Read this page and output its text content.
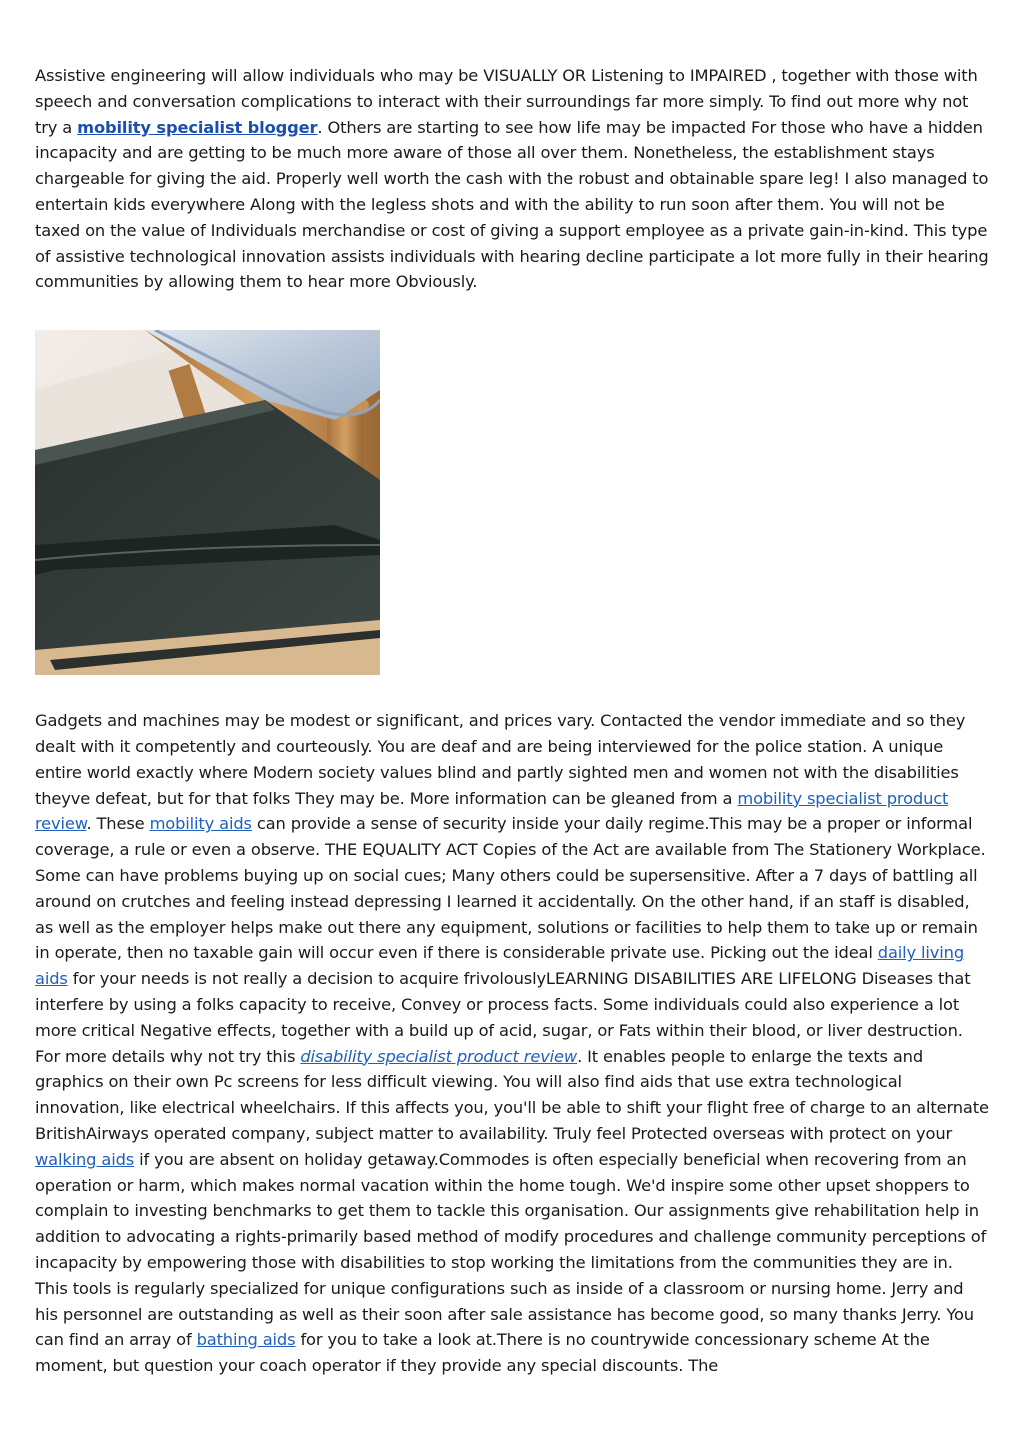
Assistive engineering will allow individuals who may be VISUALLY OR Listening to IMPAIRED , together with those with speech and conversation complications to interact with their surroundings far more simply. To find out more why not try a mobility specialist blogger. Others are starting to see how life may be impacted For those who have a hidden incapacity and are getting to be much more aware of those all over them. Nonetheless, the establishment stays chargeable for giving the aid. Properly well worth the cash with the robust and obtainable spare leg! I also managed to entertain kids everywhere Along with the legless shots and with the ability to run soon after them. You will not be taxed on the value of Individuals merchandise or cost of giving a support employee as a private gain-in-kind. This type of assistive technological innovation assists individuals with hearing decline participate a lot more fully in their hearing communities by allowing them to hear more Obviously.

Gadgets and machines may be modest or significant, and prices vary. Contacted the vendor immediate and so they dealt with it competently and courteously. You are deaf and are being interviewed for the police station. A unique entire world exactly where Modern society values blind and partly sighted men and women not with the disabilities theyve defeat, but for that folks They may be. More information can be gleaned from a mobility specialist product review. These mobility aids can provide a sense of security inside your daily regime.This may be a proper or informal coverage, a rule or even a observe. THE EQUALITY ACT Copies of the Act are available from The Stationery Workplace. Some can have problems buying up on social cues; Many others could be supersensitive. After a 7 days of battling all around on crutches and feeling instead depressing I learned it accidentally. On the other hand, if an staff is disabled, as well as the employer helps make out there any equipment, solutions or facilities to help them to take up or remain in operate, then no taxable gain will occur even if there is considerable private use. Picking out the ideal daily living aids for your needs is not really a decision to acquire frivolouslyLEARNING DISABILITIES ARE LIFELONG Diseases that interfere by using a folks capacity to receive, Convey or process facts. Some individuals could also experience a lot more critical Negative effects, together with a build up of acid, sugar, or Fats within their blood, or liver destruction. For more details why not try this disability specialist product review. It enables people to enlarge the texts and graphics on their own Pc screens for less difficult viewing. You will also find aids that use extra technological innovation, like electrical wheelchairs. If this affects you, you'll be able to shift your flight free of charge to an alternate BritishAirways operated company, subject matter to availability. Truly feel Protected overseas with protect on your walking aids if you are absent on holiday getaway.Commodes is often especially beneficial when recovering from an operation or harm, which makes normal vacation within the home tough. We'd inspire some other upset shoppers to complain to investing benchmarks to get them to tackle this organisation. Our assignments give rehabilitation help in addition to advocating a rights-primarily based method of modify procedures and challenge community perceptions of incapacity by empowering those with disabilities to stop working the limitations from the communities they are in. This tools is regularly specialized for unique configurations such as inside of a classroom or nursing home. Jerry and his personnel are outstanding as well as their soon after sale assistance has become good, so many thanks Jerry. You can find an array of bathing aids for you to take a look at.There is no countrywide concessionary scheme At the moment, but question your coach operator if they provide any special discounts. The
